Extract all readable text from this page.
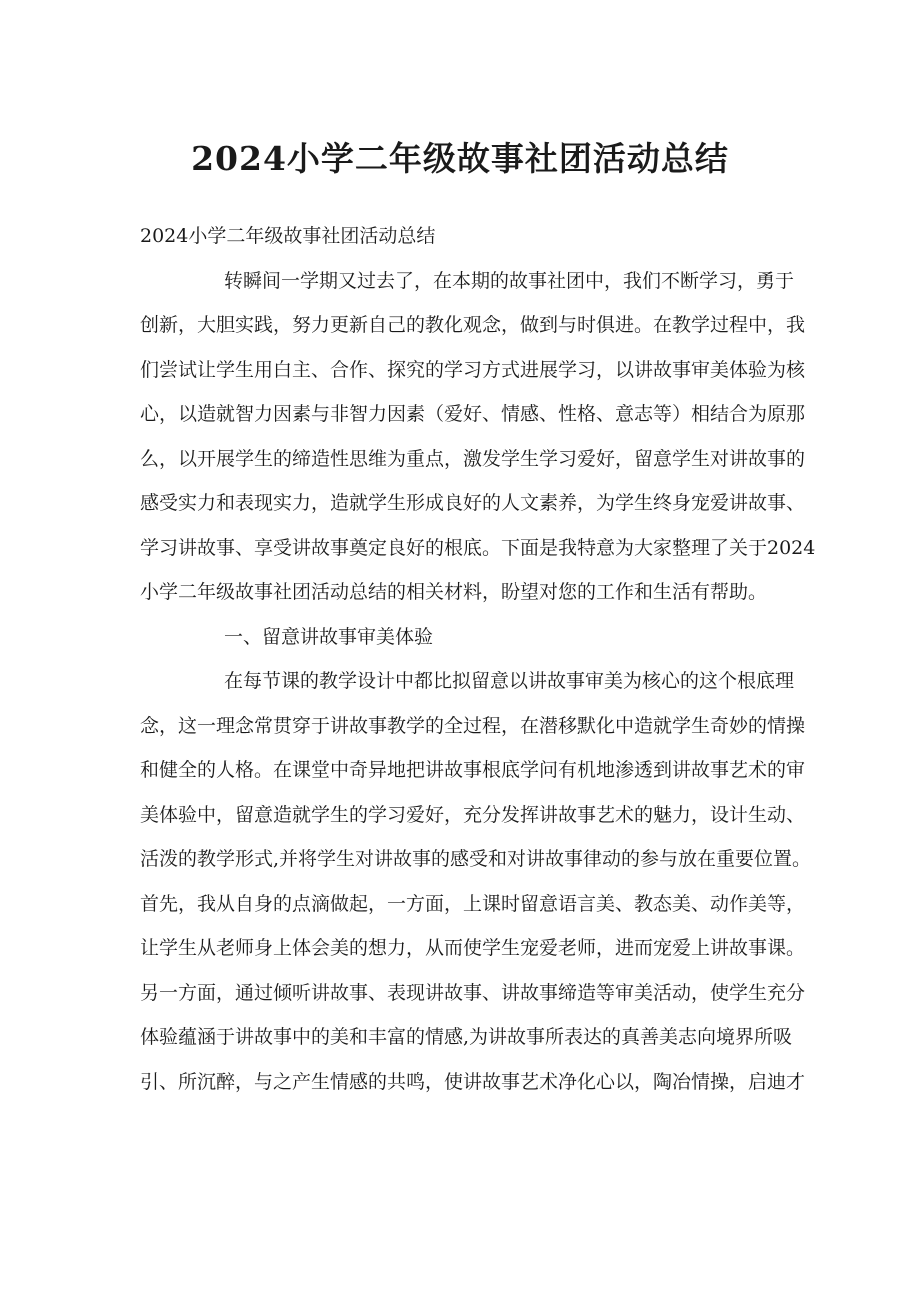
2024小学二年级故事社团活动总结

2024小学二年级故事社团活动总结

转瞬间一学期又过去了，在本期的故事社团中，我们不断学习，勇于

创新，大胆实践，努力更新自己的教化观念，做到与时俱进。在教学过程中，我

们尝试让学生用白主、合作、探究的学习方式进展学习，以讲故事审美体验为核

心，以造就智力因素与非智力因素（爱好、情感、性格、意志等）相结合为原那

么，以开展学生的缔造性思维为重点，激发学生学习爱好，留意学生对讲故事的

感受实力和表现实力，造就学生形成良好的人文素养，为学生终身宠爱讲故事、

学习讲故事、享受讲故事奠定良好的根底。下面是我特意为大家整理了关于2024

小学二年级故事社团活动总结的相关材料，盼望对您的工作和生活有帮助。

一、留意讲故事审美体验

在每节课的教学设计中都比拟留意以讲故事审美为核心的这个根底理

念，这一理念常贯穿于讲故事教学的全过程，在潜移默化中造就学生奇妙的情操

和健全的人格。在课堂中奇异地把讲故事根底学问有机地渗透到讲故事艺术的审

美体验中，留意造就学生的学习爱好，充分发挥讲故事艺术的魅力，设计生动、

活泼的教学形式,并将学生对讲故事的感受和对讲故事律动的参与放在重要位置。

首先，我从自身的点滴做起，一方面，上课时留意语言美、教态美、动作美等，

让学生从老师身上体会美的想力，从而使学生宠爱老师，进而宠爱上讲故事课。

另一方面，通过倾听讲故事、表现讲故事、讲故事缔造等审美活动，使学生充分

体验蕴涵于讲故事中的美和丰富的情感,为讲故事所表达的真善美志向境界所吸

引、所沉醉，与之产生情感的共鸣，使讲故事艺术净化心以，陶冶情操，启迪才
